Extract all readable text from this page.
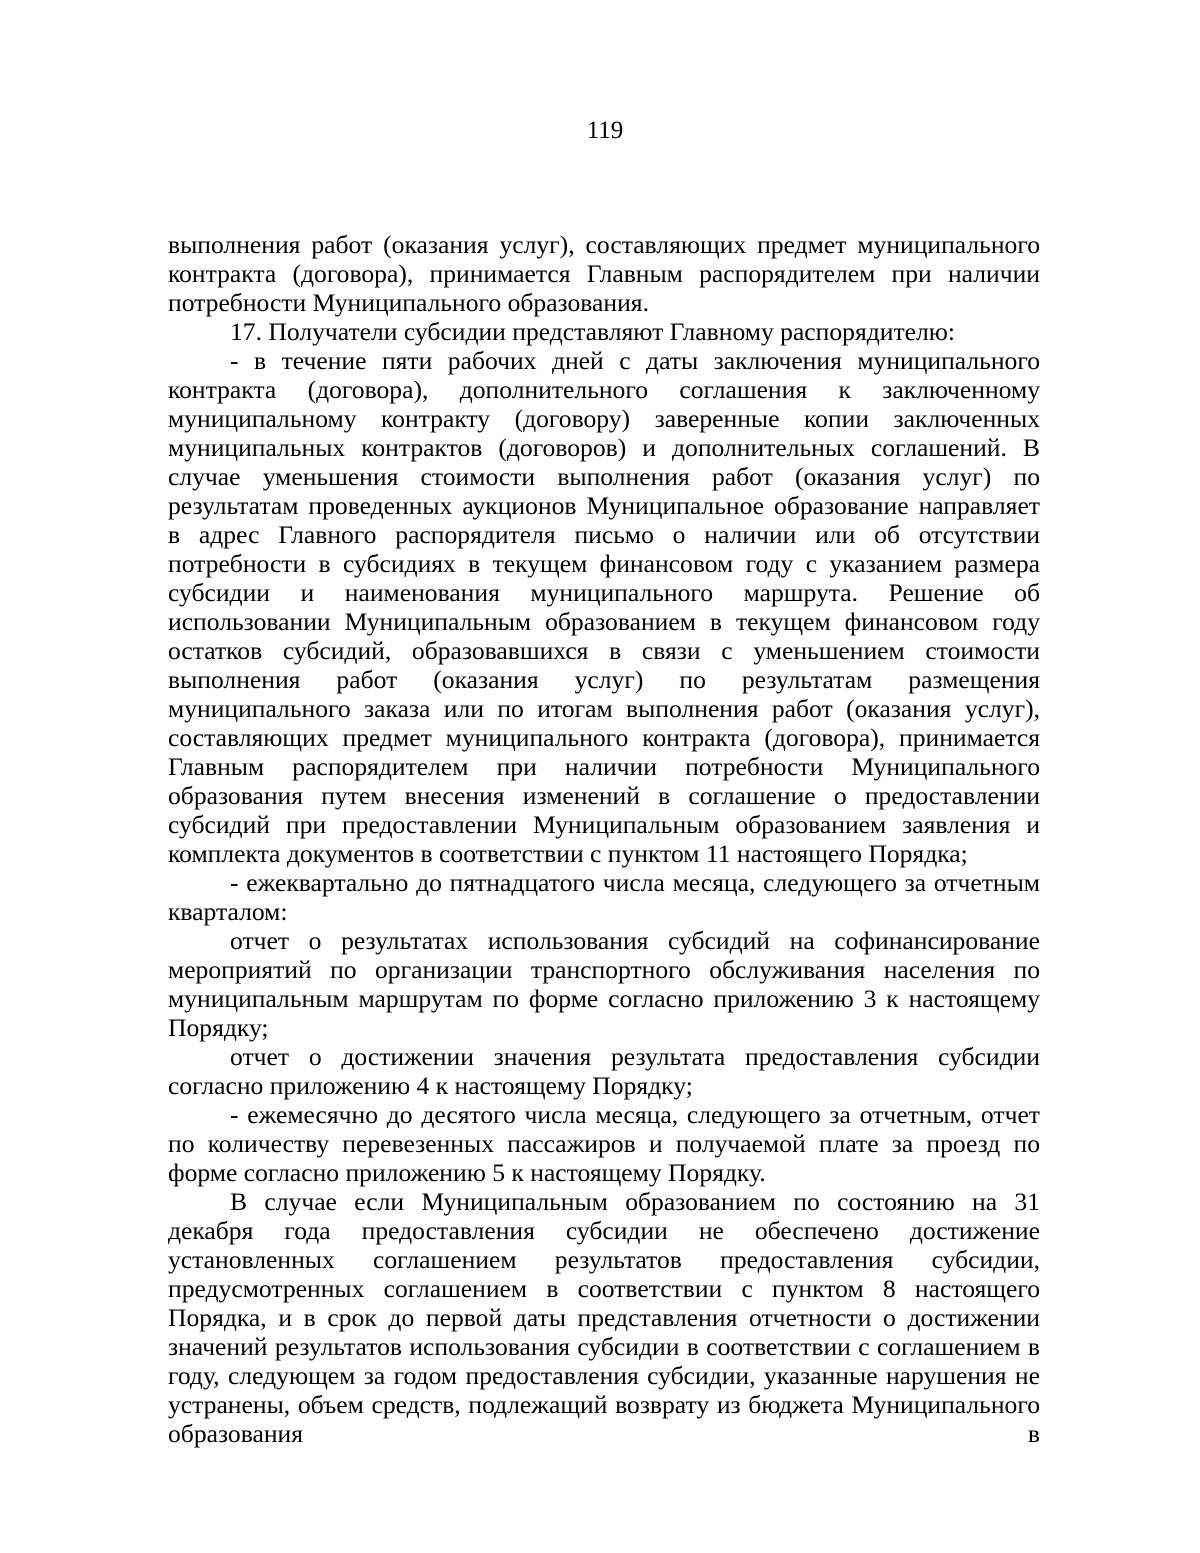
119

выполнения работ (оказания услуг), составляющих предмет муниципального контракта (договора), принимается Главным распорядителем при наличии потребности Муниципального образования.

17. Получатели субсидии представляют Главному распорядителю:

- в течение пяти рабочих дней с даты заключения муниципального контракта (договора), дополнительного соглашения к заключенному муниципальному контракту (договору) заверенные копии заключенных муниципальных контрактов (договоров) и дополнительных соглашений. В случае уменьшения стоимости выполнения работ (оказания услуг) по результатам проведенных аукционов Муниципальное образование направляет в адрес Главного распорядителя письмо о наличии или об отсутствии потребности в субсидиях в текущем финансовом году с указанием размера субсидии и наименования муниципального маршрута. Решение об использовании Муниципальным образованием в текущем финансовом году остатков субсидий, образовавшихся в связи с уменьшением стоимости выполнения работ (оказания услуг) по результатам размещения муниципального заказа или по итогам выполнения работ (оказания услуг), составляющих предмет муниципального контракта (договора), принимается Главным распорядителем при наличии потребности Муниципального образования путем внесения изменений в соглашение о предоставлении субсидий при предоставлении Муниципальным образованием заявления и комплекта документов в соответствии с пунктом 11 настоящего Порядка;

- ежеквартально до пятнадцатого числа месяца, следующего за отчетным кварталом:

отчет о результатах использования субсидий на софинансирование мероприятий по организации транспортного обслуживания населения по муниципальным маршрутам по форме согласно приложению 3 к настоящему Порядку;

отчет о достижении значения результата предоставления субсидии согласно приложению 4 к настоящему Порядку;

- ежемесячно до десятого числа месяца, следующего за отчетным, отчет по количеству перевезенных пассажиров и получаемой плате за проезд по форме согласно приложению 5 к настоящему Порядку.

В случае если Муниципальным образованием по состоянию на 31 декабря года предоставления субсидии не обеспечено достижение установленных соглашением результатов предоставления субсидии, предусмотренных соглашением в соответствии с пунктом 8 настоящего Порядка, и в срок до первой даты представления отчетности о достижении значений результатов использования субсидии в соответствии с соглашением в году, следующем за годом предоставления субсидии, указанные нарушения не устранены, объем средств, подлежащий возврату из бюджета Муниципального образования в
